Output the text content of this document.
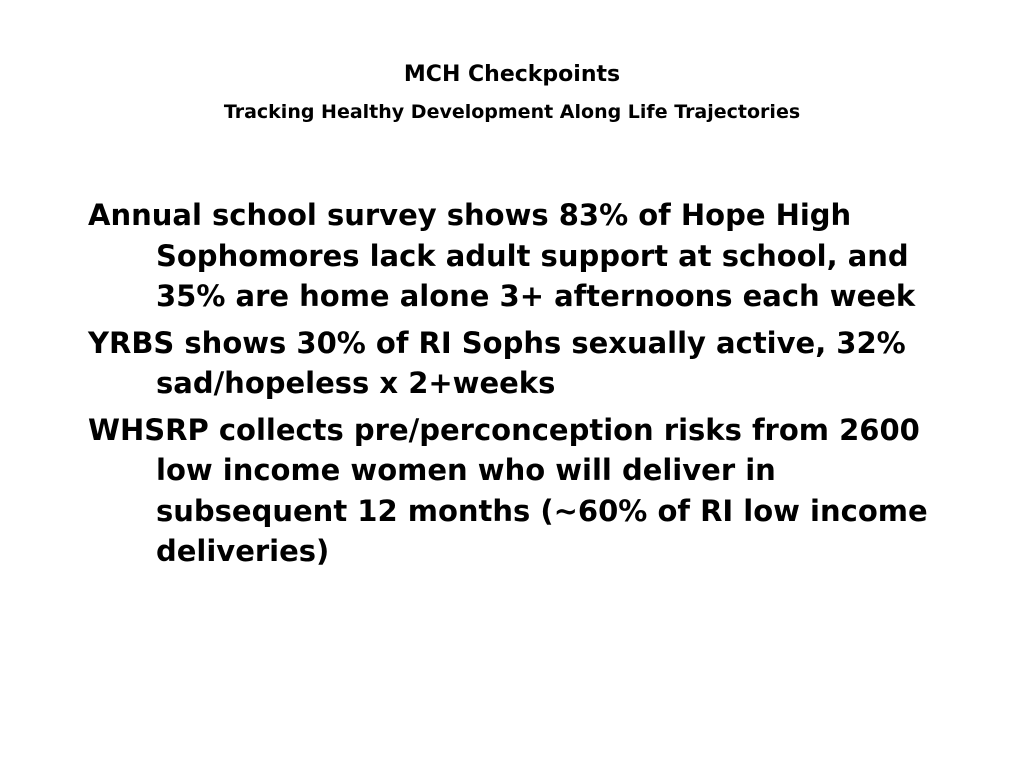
MCH Checkpoints
Tracking Healthy Development Along Life Trajectories
Annual school survey shows 83% of Hope High Sophomores lack adult support at school, and 35% are home alone 3+ afternoons each week
YRBS shows 30% of RI Sophs sexually active, 32% sad/hopeless x 2+weeks
WHSRP collects pre/perconception risks from 2600 low income women who will deliver in subsequent 12 months (~60% of RI low income deliveries)
